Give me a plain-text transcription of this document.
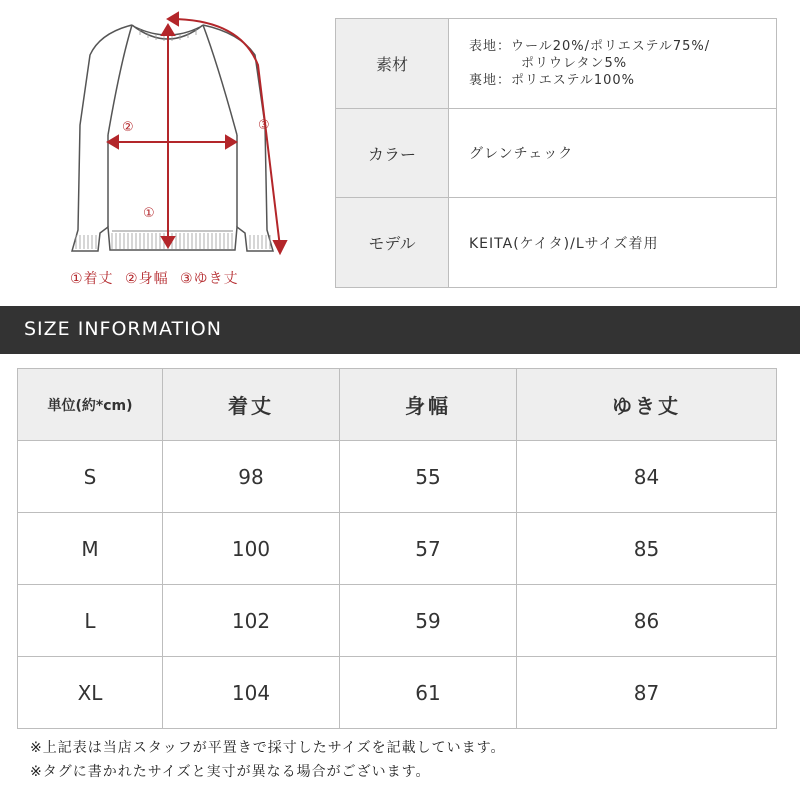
①
②	③
①着丈 ②身幅 ③ゆき丈
素材	表地：ウール20%/ポリエステル75%/
ポリウレタン5%
裏地：ポリエステル100%

カラー	グレンチェック
モデル	KEITA(ケイタ)/Lサイズ着用
SIZE INFORMATION
単位(約*cm)	着丈	身幅	ゆき丈
S	98	55	84
M	100	57	85
L	102	59	86
XL	104	61	87
※上記表は当店スタッフが平置きで採寸したサイズを記載しています。
※タグに書かれたサイズと実寸が異なる場合がございます。
